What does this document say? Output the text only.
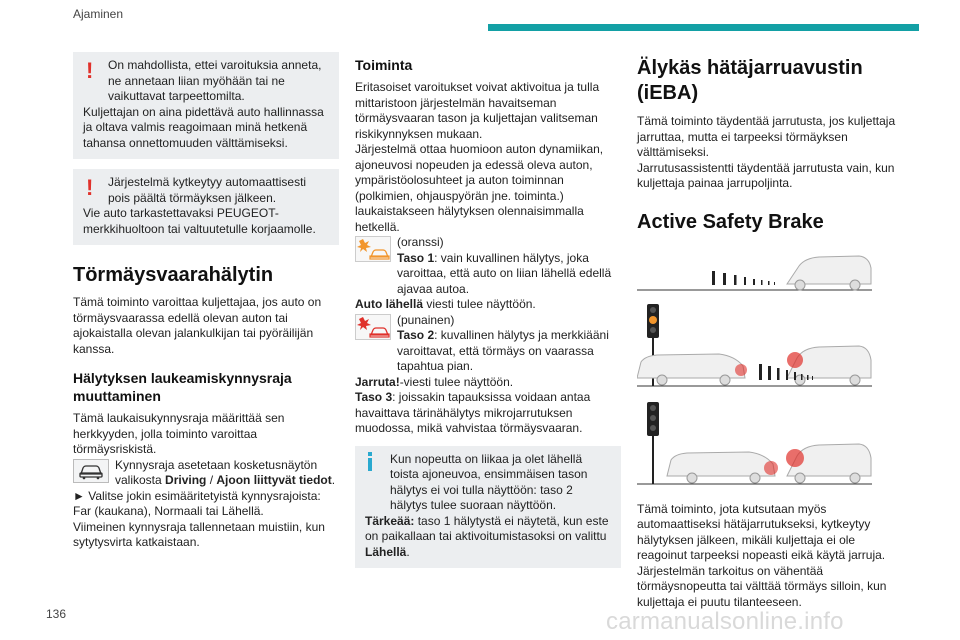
Ajaminen
!	On mahdollista, ettei varoituksia anneta, ne annetaan liian myöhään tai ne vaikuttavat tarpeettomilta.

Kuljettajan on aina pidettävä auto hallinnassa ja oltava valmis reagoimaan minä hetkenä tahansa onnettomuuden välttämiseksi.

!	Järjestelmä kytkeytyy automaattisesti pois päältä törmäyksen jälkeen.

Vie auto tarkastettavaksi PEUGEOT-merkkihuoltoon tai valtuutetulle korjaamolle.

Törmäysvaarahälytin

Tämä toiminto varoittaa kuljettajaa, jos auto on törmäysvaarassa edellä olevan auton tai ajokaistalla olevan jalankulkijan tai pyöräilijän kanssa.

Hälytyksen laukeamiskynnysraja muuttaminen

Tämä laukaisukynnysraja määrittää sen herkkyyden, jolla toiminto varoittaa törmäysriskistä.

Kynnysraja asetetaan kosketusnäytön valikosta Driving / Ajoon liittyvät tiedot.

► Valitse jokin esimääritetyistä kynnysrajoista: Far (kaukana), Normaali tai Lähellä.

Viimeinen kynnysraja tallennetaan muistiin, kun sytytysvirta katkaistaan.

Toiminta

Eritasoiset varoitukset voivat aktivoitua ja tulla mittaristoon järjestelmän havaitseman törmäysvaaran tason ja kuljettajan valitseman riskikynnyksen mukaan.

Järjestelmä ottaa huomioon auton dynamiikan, ajoneuvosi nopeuden ja edessä oleva auton, ympäristöolosuhteet ja auton toiminnan (polkimien, ohjauspyörän jne. toiminta.) laukaistakseen hälytyksen olennaisimmalla hetkellä.

(oranssi)

Taso 1: vain kuvallinen hälytys, joka varoittaa, että auto on liian lähellä edellä ajavaa autoa.

Auto lähellä viesti tulee näyttöön.

(punainen)

Taso 2: kuvallinen hälytys ja merkkiääni varoittavat, että törmäys on vaarassa tapahtua pian.

Jarruta!-viesti tulee näyttöön.

Taso 3: joissakin tapauksissa voidaan antaa havaittava tärinähälytys mikrojarrutuksen muodossa, mikä vahvistaa törmäysvaaran.

Kun nopeutta on liikaa ja olet lähellä toista ajoneuvoa, ensimmäisen tason hälytys ei voi tulla näyttöön: taso 2 hälytys tulee suoraan näyttöön.

Tärkeää: taso 1 hälytystä ei näytetä, kun este on paikallaan tai aktivoitumistasoksi on valittu Lähellä.

Älykäs hätäjarruavustin (iEBA)

Tämä toiminto täydentää jarrutusta, jos kuljettaja jarruttaa, mutta ei tarpeeksi törmäyksen välttämiseksi.

Jarrutusassistentti täydentää jarrutusta vain, kun kuljettaja painaa jarrupoljinta.

Active Safety Brake

Tämä toiminto, jota kutsutaan myös automaattiseksi hätäjarrutukseksi, kytkeytyy hälytyksen jälkeen, mikäli kuljettaja ei ole reagoinut tarpeeksi nopeasti eikä käytä jarruja.

Järjestelmän tarkoitus on vähentää törmäysnopeutta tai välttää törmäys silloin, kun kuljettaja ei puutu tilanteeseen.

136	carmanualsonline.info
